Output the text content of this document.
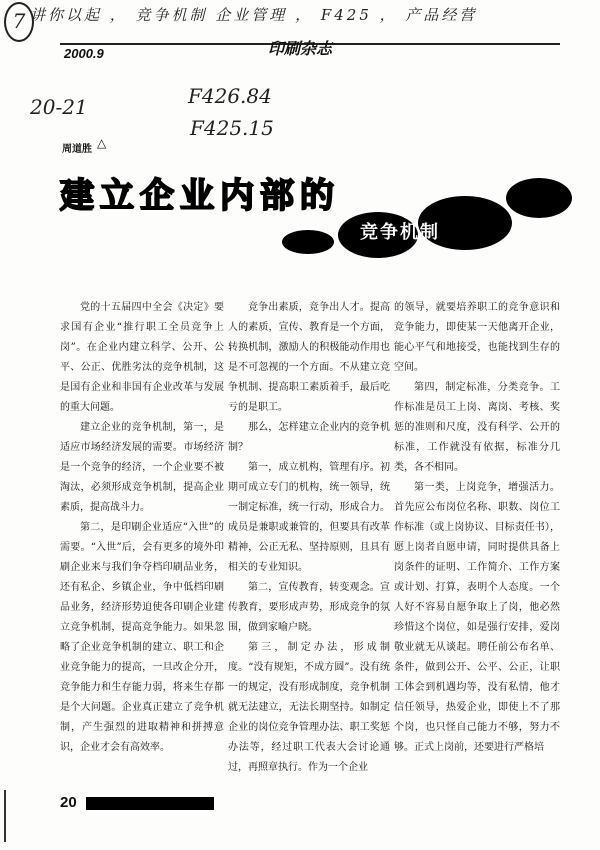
7 讲你以起 ， 竞争机制 企业管理 ， F425 ， 产品经营
2000.9	印刷杂志
20-21	F426.84
F425.15
周道胜 △
建立企业内部的
竞争机制

党的十五届四中全会《决定》要求国有企业“推行职工全员竞争上岗”。在企业内建立科学、公开、公平、公正、优胜劣汰的竞争机制，这是国有企业和非国有企业改革与发展的重大问题。

建立企业的竞争机制，第一，是适应市场经济发展的需要。市场经济是一个竞争的经济，一个企业要不被淘汰，必须形成竞争机制，提高企业素质，提高战斗力。

第二，是印刷企业适应“入世”的需要。“入世”后，会有更多的境外印刷企业来与我们争夺档印刷品业务，还有私企、乡镇企业，争中低档印刷品业务，经济形势迫使各印刷企业建立竞争机制，提高竞争能力。如果忽略了企业竞争机制的建立、职工和企业竞争能力的提高，一旦改企分开，竞争能力和生存能力弱，将来生存都是个大问题。企业真正建立了竞争机制，产生强烈的进取精神和拼搏意识，企业才会有高效率。

竞争出素质，竞争出人才。提高人的素质，宣传、教育是一个方面，转换机制，激励人的积极能动作用也是不可忽视的一个方面。不从建立竞争机制、提高职工素质着手，最后吃亏的是职工。

那么，怎样建立企业内的竞争机制？

第一，成立机构，管理有序。初期可成立专门的机构，统一领导，统一制定标准，统一行动，形成合力。成员是兼职或兼管的，但要具有改革精神，公正无私、坚持原则，且具有相关的专业知识。

第二，宣传教育，转变观念。宣传教育，要形成声势，形成竞争的氛围，做到家喻户晓。

第三，制定办法，形成制度。“没有规矩，不成方圆”。没有统一的规定，没有形成制度，竞争机制就无法建立，无法长期坚持。如制定企业的岗位竞争管理办法、职工奖惩办法等，经过职工代表大会讨论通过，再照章执行。作为一个企业

的领导，就要培养职工的竞争意识和竞争能力，即使某一天他离开企业，能心平气和地接受，也能找到生存的空间。

第四，制定标准，分类竞争。工作标准是员工上岗、离岗、考核、奖惩的准则和尺度，没有科学、公开的标准，工作就没有依据，标准分几类，各不相同。

第一类，上岗竞争，增强活力。首先应公布岗位名称、职数、岗位工作标准（或上岗协议、目标责任书），愿上岗者自愿申请，同时提供具备上岗条件的证明、工作简介、工作方案或计划、打算，表明个人态度。一个人好不容易自愿争取上了岗，他必然珍惜这个岗位，如是强行安排，爱岗敬业就无从谈起。聘任前公布名单、条件，做到公开、公平、公正，让职工体会到机遇均等，没有私情，他才信任领导，热爱企业，即使上不了那个岗，也只怪自己能力不够，努力不够。正式上岗前，还要进行严格培

20
